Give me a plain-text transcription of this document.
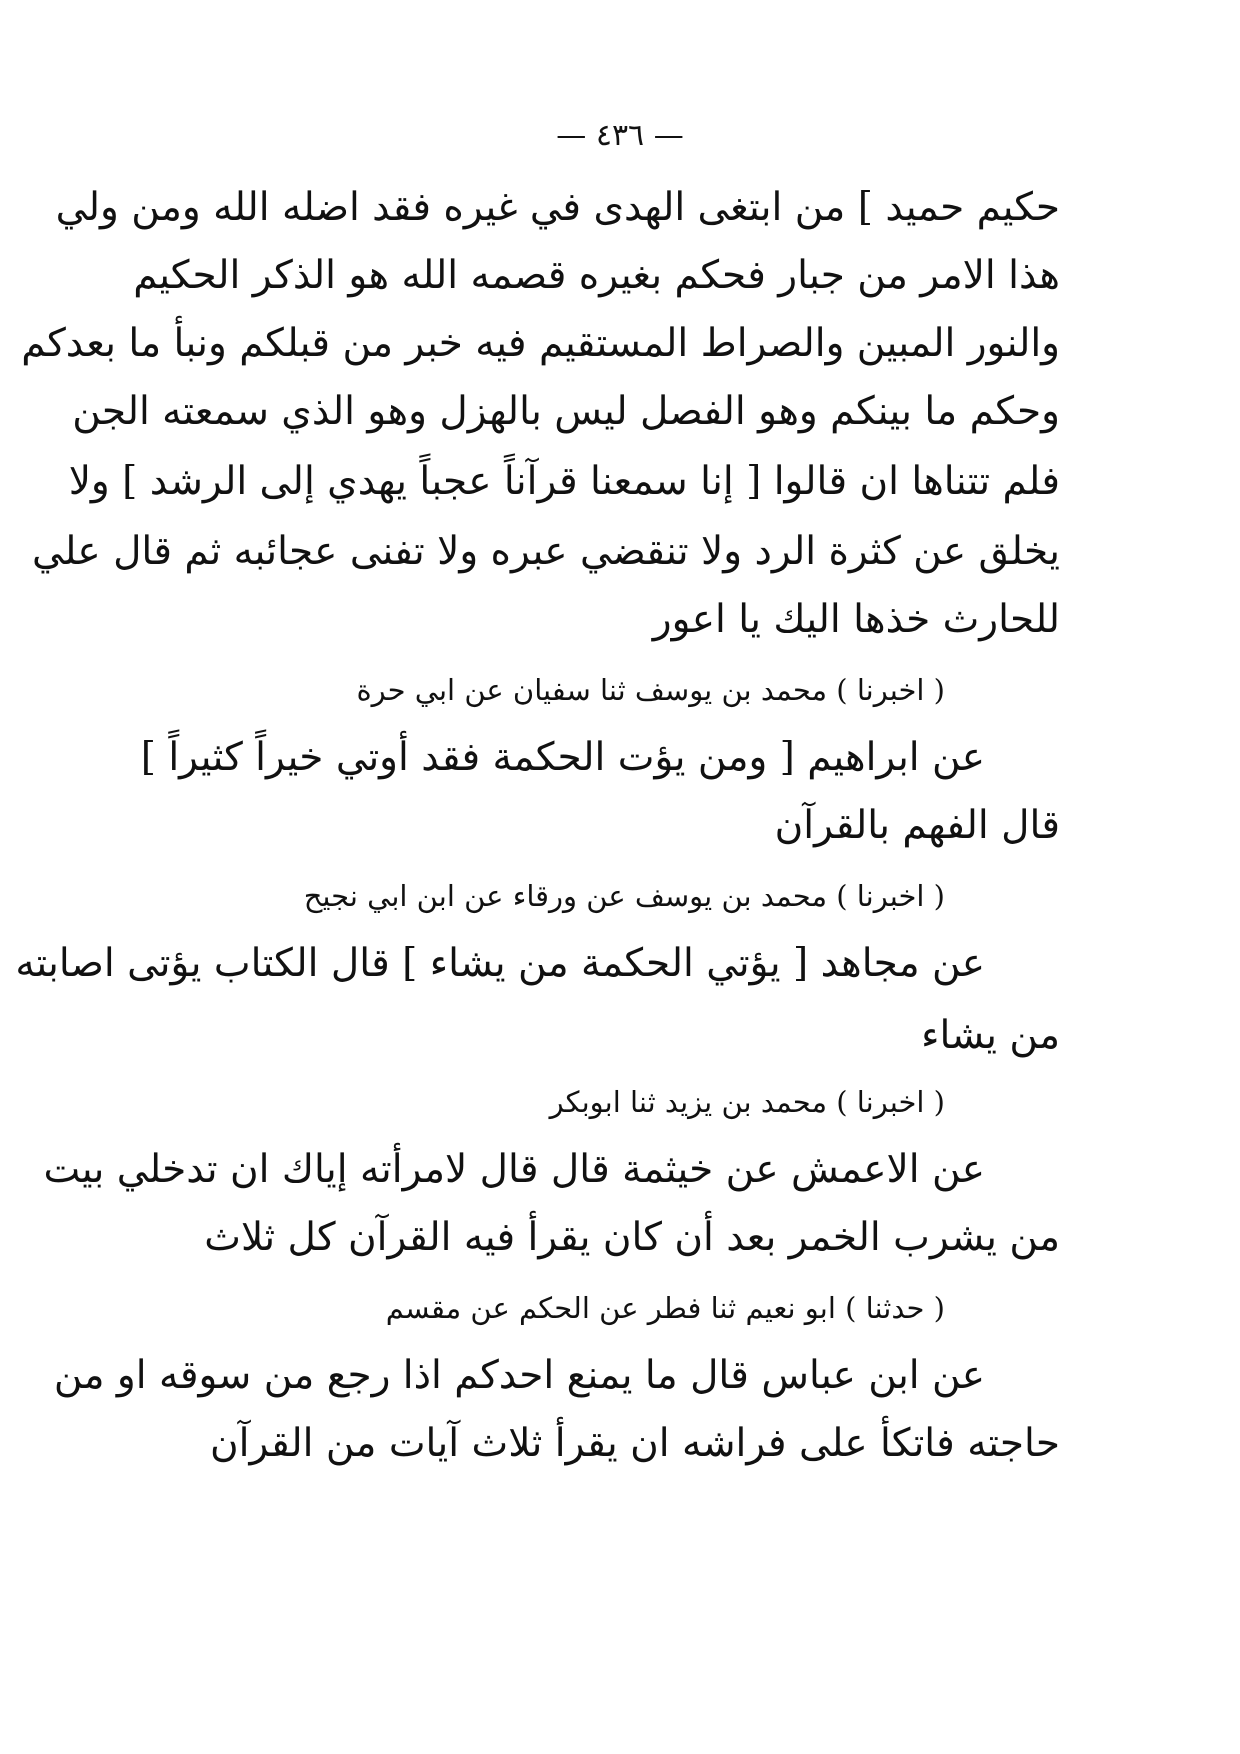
— ٤٣٦ —
حكيم حميد ] من ابتغى الهدى في غيره فقد اضله الله ومن ولي
هذا الامر من جبار فحكم بغيره قصمه الله هو الذكر الحكيم
والنور المبين والصراط المستقيم فيه خبر من قبلكم ونبأ ما بعدكم
وحكم ما بينكم وهو الفصل ليس بالهزل وهو الذي سمعته الجن
فلم تتناها ان قالوا [ إنا سمعنا قرآناً عجباً يهدي إلى الرشد ] ولا
يخلق عن كثرة الرد ولا تنقضي عبره ولا تفنى عجائبه ثم قال علي
للحارث خذها اليك يا اعور
( اخبرنا ) محمد بن يوسف ثنا سفيان عن ابي حرة
عن ابراهيم [ ومن يؤت الحكمة فقد أوتي خيراً كثيراً ]
قال الفهم بالقرآن
( اخبرنا ) محمد بن يوسف عن ورقاء عن ابن ابي نجيح
عن مجاهد [ يؤتي الحكمة من يشاء ] قال الكتاب يؤتى اصابته
من يشاء
( اخبرنا ) محمد بن يزيد ثنا ابوبكر
عن الاعمش عن خيثمة قال قال لامرأته إياك ان تدخلي بيت
من يشرب الخمر بعد أن كان يقرأ فيه القرآن كل ثلاث
( حدثنا ) ابو نعيم ثنا فطر عن الحكم عن مقسم
عن ابن عباس قال ما يمنع احدكم اذا رجع من سوقه او من
حاجته فاتكأ على فراشه ان يقرأ ثلاث آيات من القرآن
